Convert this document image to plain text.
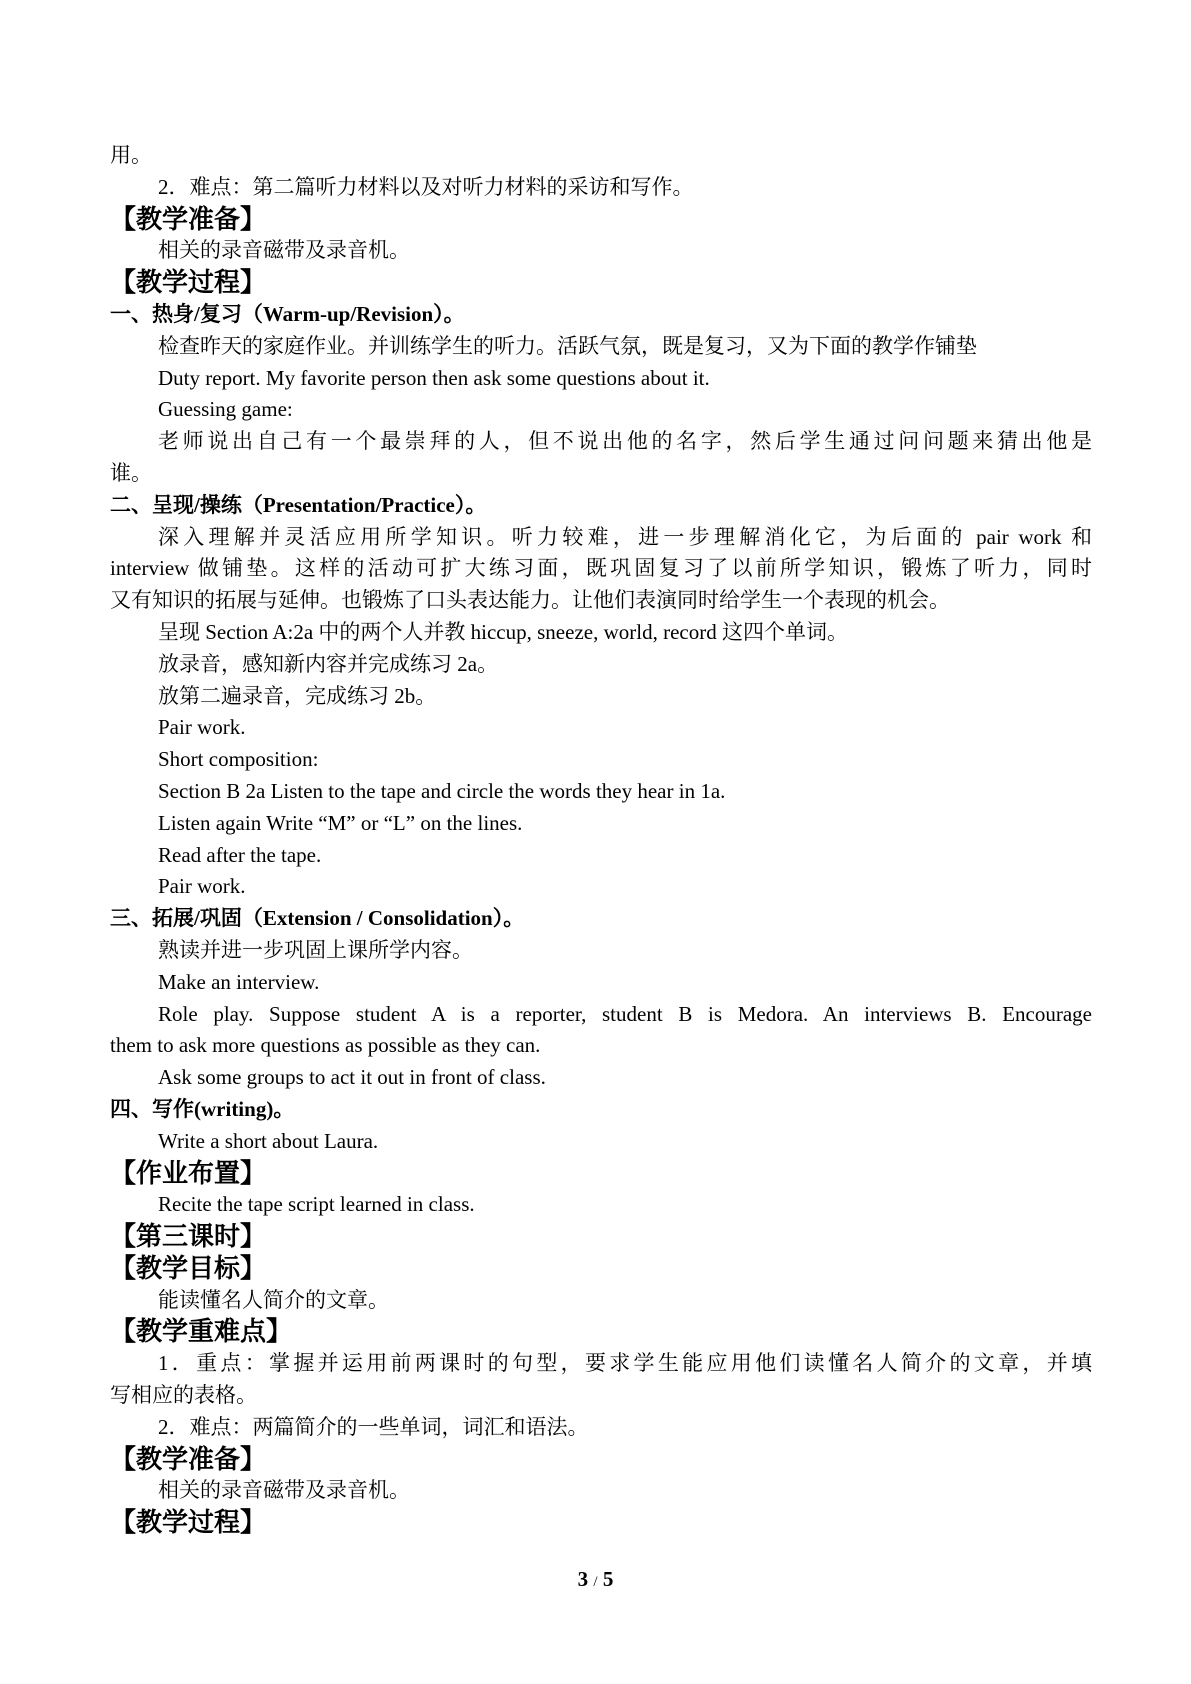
用。
2．难点：第二篇听力材料以及对听力材料的采访和写作。
【教学准备】
相关的录音磁带及录音机。
【教学过程】
一、热身/复习（Warm-up/Revision）。
检查昨天的家庭作业。并训练学生的听力。活跃气氛，既是复习，又为下面的教学作铺垫
Duty report. My favorite person then ask some questions about it.
Guessing game:
老师说出自己有一个最崇拜的人，但不说出他的名字，然后学生通过问问题来猜出他是
谁。
二、呈现/操练（Presentation/Practice）。
深入理解并灵活应用所学知识。听力较难，进一步理解消化它，为后面的 pair work 和
interview 做铺垫。这样的活动可扩大练习面，既巩固复习了以前所学知识，锻炼了听力，同时
又有知识的拓展与延伸。也锻炼了口头表达能力。让他们表演同时给学生一个表现的机会。
呈现 Section A:2a 中的两个人并教 hiccup, sneeze, world, record 这四个单词。
放录音，感知新内容并完成练习 2a。
放第二遍录音，完成练习 2b。
Pair work.
Short composition:
Section B 2a Listen to the tape and circle the words they hear in 1a.
Listen again Write “M” or “L” on the lines.
Read after the tape.
Pair work.
三、拓展/巩固（Extension / Consolidation）。
熟读并进一步巩固上课所学内容。
Make an interview.
Role play. Suppose student A is a reporter, student B is Medora. An interviews B. Encourage
them to ask more questions as possible as they can.
Ask some groups to act it out in front of class.
四、写作(writing)。
Write a short about Laura.
【作业布置】
Recite the tape script learned in class.
【第三课时】
【教学目标】
能读懂名人简介的文章。
【教学重难点】
1．重点：掌握并运用前两课时的句型，要求学生能应用他们读懂名人简介的文章，并填
写相应的表格。
2．难点：两篇简介的一些单词，词汇和语法。
【教学准备】
相关的录音磁带及录音机。
【教学过程】
3 / 5
